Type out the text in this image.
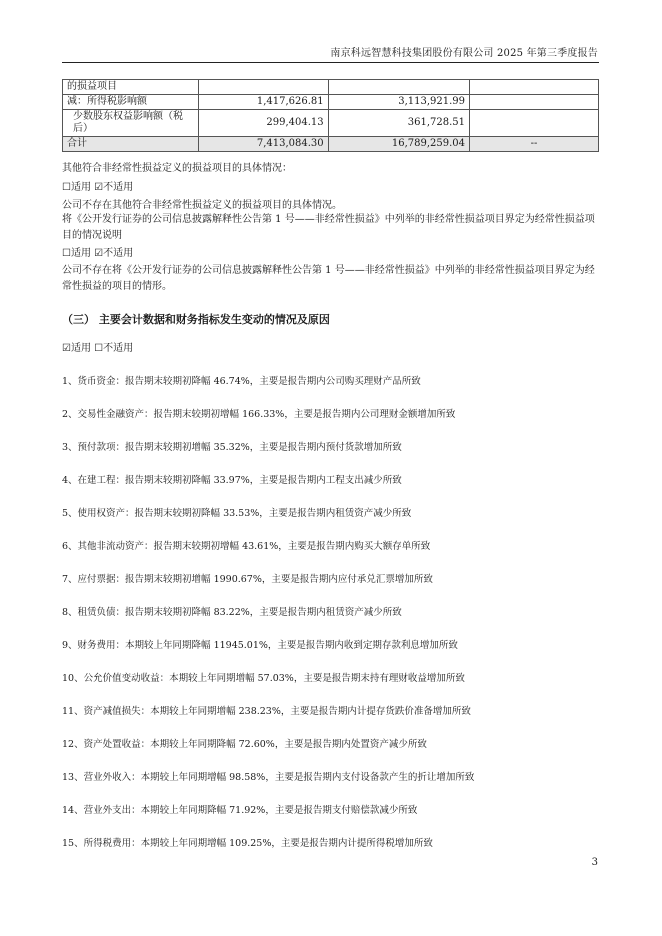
南京科远智慧科技集团股份有限公司 2025 年第三季度报告
的损益项目			
减：所得税影响额	1,417,626.81	3,113,921.99	
少数股东权益影响额（税后）	299,404.13	361,728.51	
合计	7,413,084.30	16,789,259.04	--
其他符合非经常性损益定义的损益项目的具体情况：
☐适用 ☑不适用
公司不存在其他符合非经常性损益定义的损益项目的具体情况。
将《公开发行证券的公司信息披露解释性公告第 1 号——非经常性损益》中列举的非经常性损益项目界定为经常性损益项目的情况说明
☐适用 ☑不适用
公司不存在将《公开发行证券的公司信息披露解释性公告第 1 号——非经常性损益》中列举的非经常性损益项目界定为经常性损益的项目的情形。
（三） 主要会计数据和财务指标发生变动的情况及原因
☑适用 ☐不适用
1、货币资金：报告期末较期初降幅 46.74%，主要是报告期内公司购买理财产品所致
2、交易性金融资产：报告期末较期初增幅 166.33%，主要是报告期内公司理财金额增加所致
3、预付款项：报告期末较期初增幅 35.32%，主要是报告期内预付货款增加所致
4、在建工程：报告期末较期初降幅 33.97%，主要是报告期内工程支出减少所致
5、使用权资产：报告期末较期初降幅 33.53%，主要是报告期内租赁资产减少所致
6、其他非流动资产：报告期末较期初增幅 43.61%，主要是报告期内购买大额存单所致
7、应付票据：报告期末较期初增幅 1990.67%，主要是报告期内应付承兑汇票增加所致
8、租赁负债：报告期末较期初降幅 83.22%，主要是报告期内租赁资产减少所致
9、财务费用：本期较上年同期降幅 11945.01%，主要是报告期内收到定期存款利息增加所致
10、公允价值变动收益：本期较上年同期增幅 57.03%，主要是报告期末持有理财收益增加所致
11、资产减值损失：本期较上年同期增幅 238.23%，主要是报告期内计提存货跌价准备增加所致
12、资产处置收益：本期较上年同期降幅 72.60%，主要是报告期内处置资产减少所致
13、营业外收入：本期较上年同期增幅 98.58%，主要是报告期内支付设备款产生的折让增加所致
14、营业外支出：本期较上年同期降幅 71.92%，主要是报告期支付赔偿款减少所致
15、所得税费用：本期较上年同期增幅 109.25%，主要是报告期内计提所得税增加所致
3
